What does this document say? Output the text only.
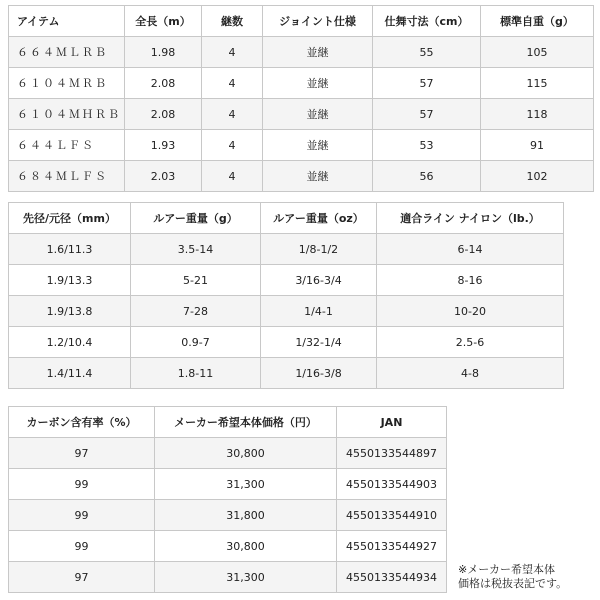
アイテム	全長（m）	継数	ジョイント仕様	仕舞寸法（cm）	標準自重（g）
６６４ＭＬＲＢ	1.98	4	並継	55	105
６１０４ＭＲＢ	2.08	4	並継	57	115
６１０４ＭＨＲＢ	2.08	4	並継	57	118
６４４ＬＦＳ	1.93	4	並継	53	91
６８４ＭＬＦＳ	2.03	4	並継	56	102
先径/元径（mm）	ルアー重量（g）	ルアー重量（oz）	適合ライン ナイロン（lb.）
1.6/11.3	3.5-14	1/8-1/2	6-14
1.9/13.3	5-21	3/16-3/4	8-16
1.9/13.8	7-28	1/4-1	10-20
1.2/10.4	0.9-7	1/32-1/4	2.5-6
1.4/11.4	1.8-11	1/16-3/8	4-8
カーボン含有率（%）	メーカー希望本体価格（円）	JAN
97	30,800	4550133544897
99	31,300	4550133544903
99	31,800	4550133544910
99	30,800	4550133544927
97	31,300	4550133544934
※メーカー希望本体
価格は税抜表記です。
